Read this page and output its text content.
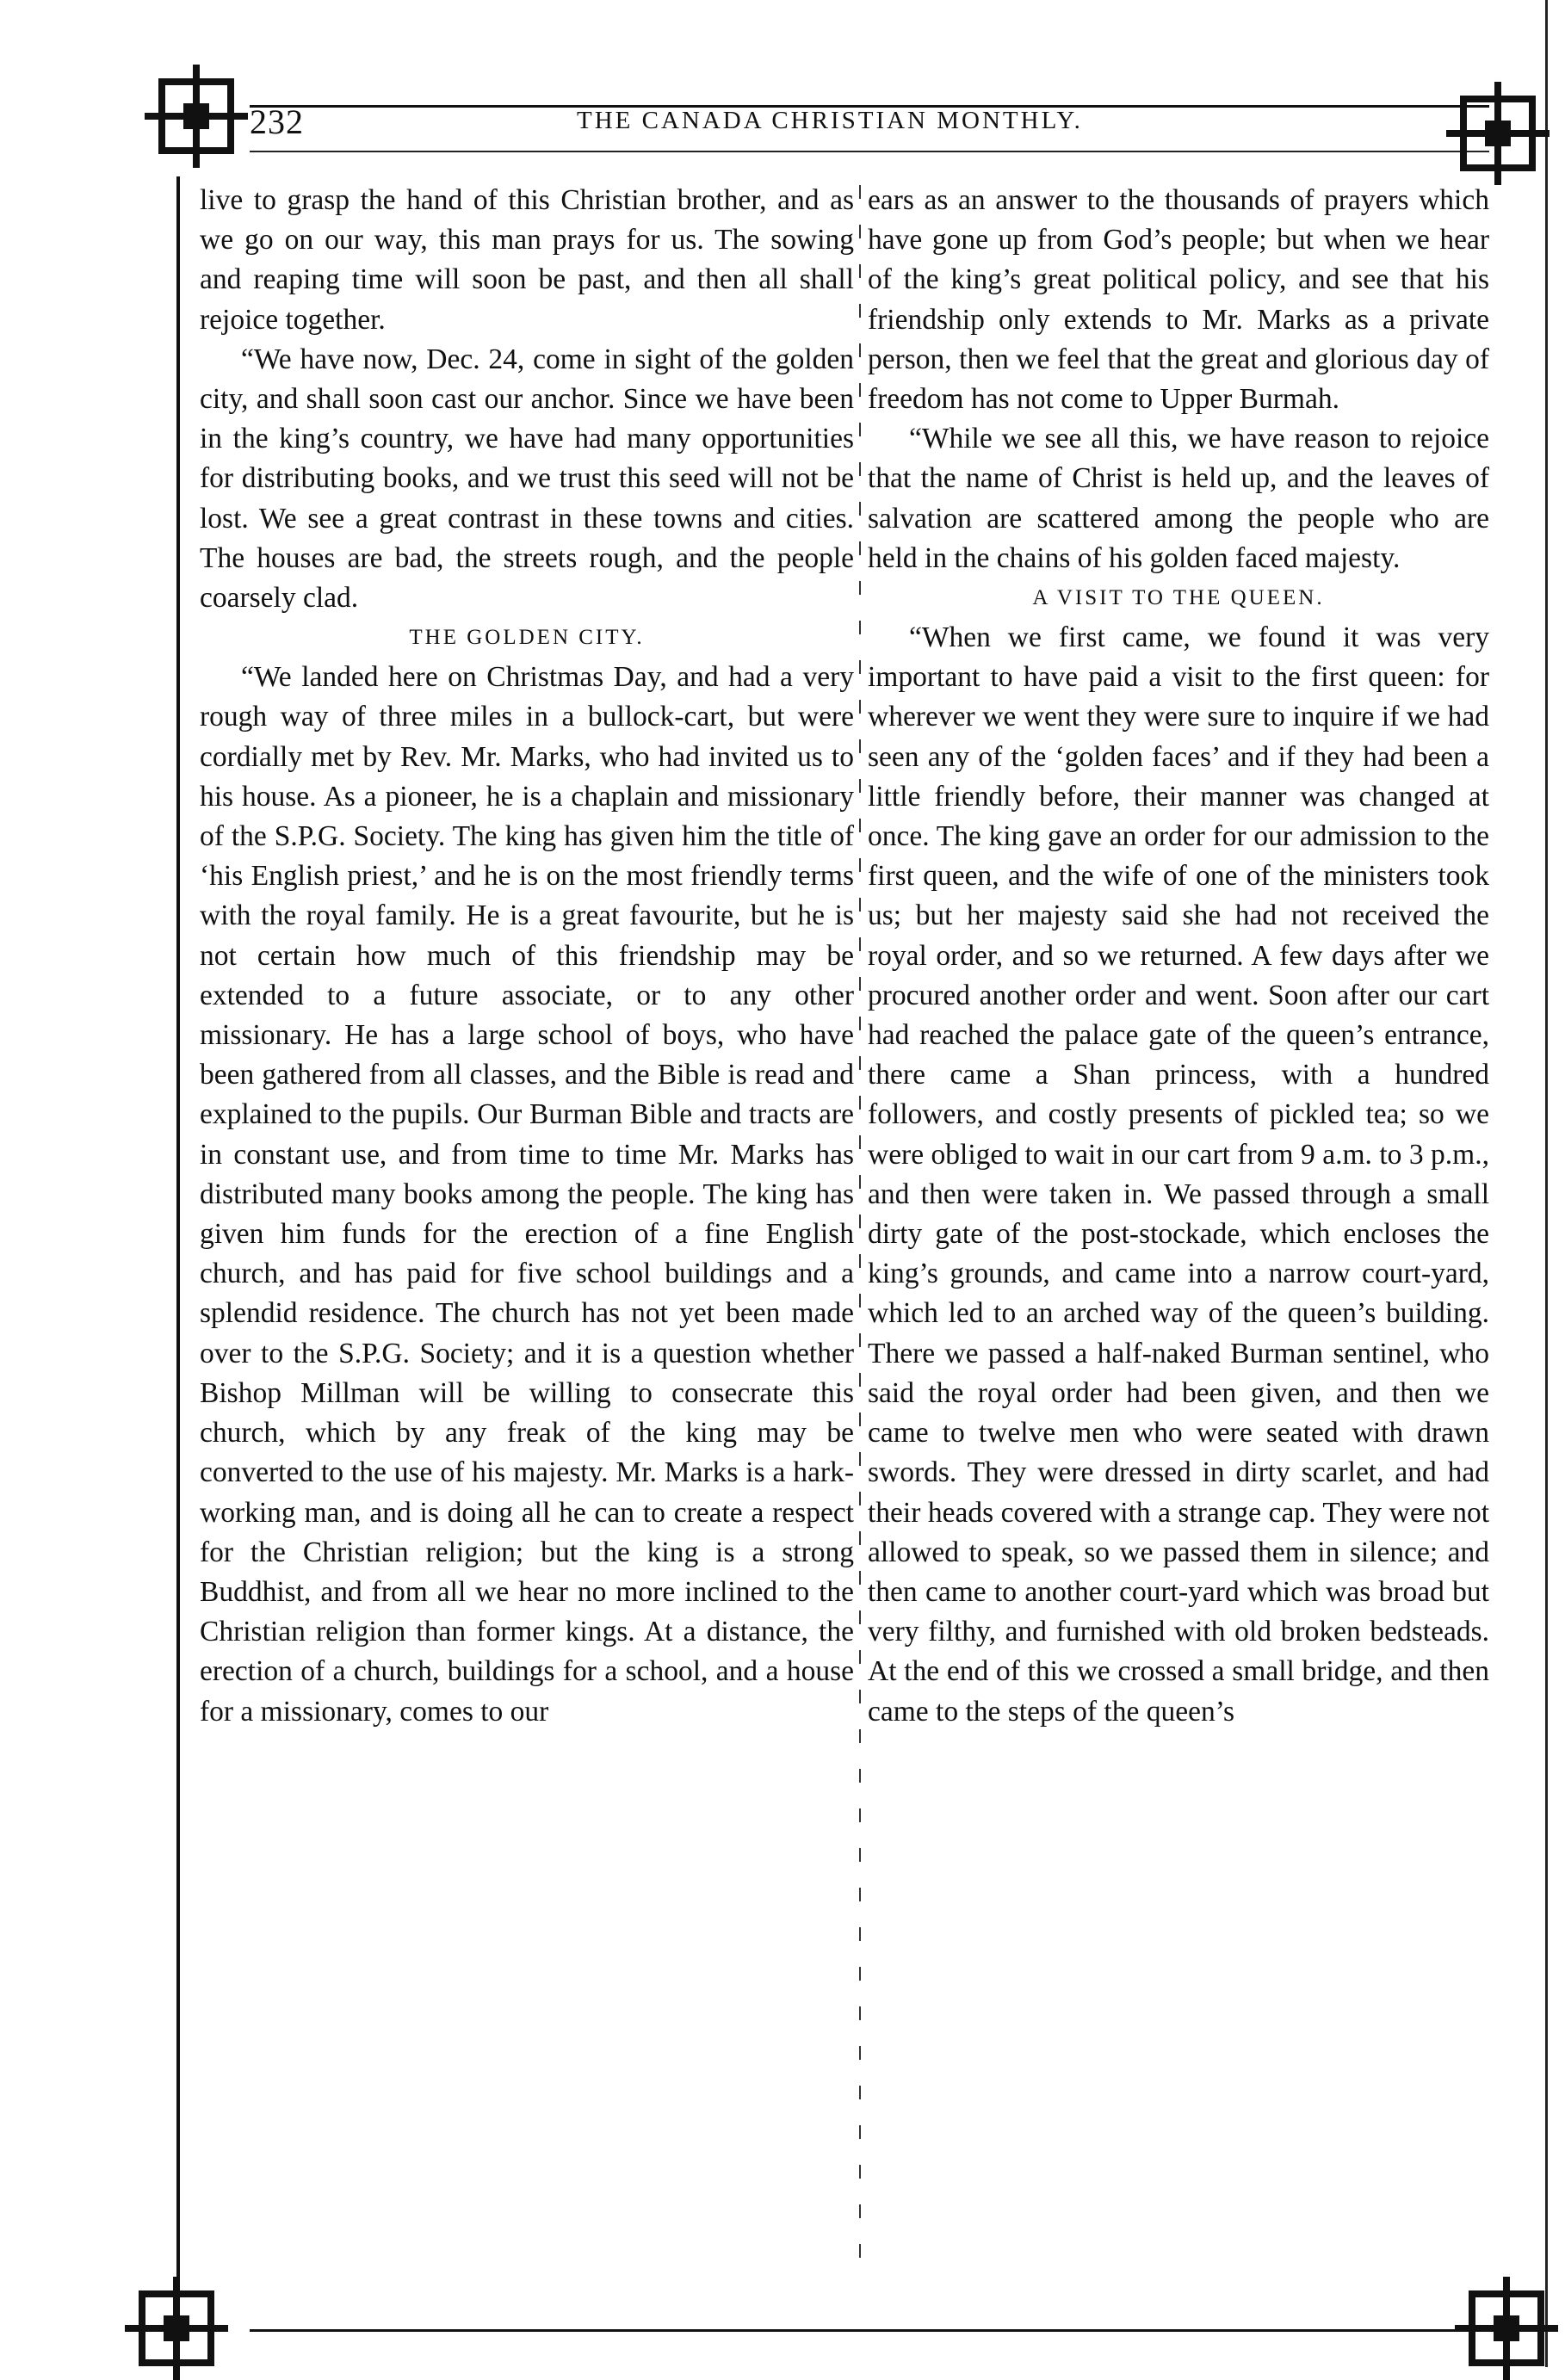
232	THE CANADA CHRISTIAN MONTHLY.

live to grasp the hand of this Christian brother, and as we go on our way, this man prays for us. The sowing and reaping time will soon be past, and then all shall rejoice together.

“We have now, Dec. 24, come in sight of the golden city, and shall soon cast our anchor. Since we have been in the king’s country, we have had many opportunities for distributing books, and we trust this seed will not be lost. We see a great contrast in these towns and cities. The houses are bad, the streets rough, and the people coarsely clad.

THE GOLDEN CITY.

“We landed here on Christmas Day, and had a very rough way of three miles in a bullock-cart, but were cordially met by Rev. Mr. Marks, who had invited us to his house. As a pioneer, he is a chaplain and missionary of the S.P.G. Society. The king has given him the title of ‘his English priest,’ and he is on the most friendly terms with the royal family. He is a great favourite, but he is not certain how much of this friendship may be extended to a future associate, or to any other missionary. He has a large school of boys, who have been gathered from all classes, and the Bible is read and explained to the pupils. Our Burman Bible and tracts are in constant use, and from time to time Mr. Marks has distributed many books among the people. The king has given him funds for the erection of a fine English church, and has paid for five school buildings and a splendid residence. The church has not yet been made over to the S.P.G. Society; and it is a question whether Bishop Millman will be willing to consecrate this church, which by any freak of the king may be converted to the use of his majesty. Mr. Marks is a hark-working man, and is doing all he can to create a respect for the Christian religion; but the king is a strong Buddhist, and from all we hear no more inclined to the Christian religion than former kings. At a distance, the erection of a church, buildings for a school, and a house for a missionary, comes to our

ears as an answer to the thousands of prayers which have gone up from God’s people; but when we hear of the king’s great political policy, and see that his friendship only extends to Mr. Marks as a private person, then we feel that the great and glorious day of freedom has not come to Upper Burmah.

“While we see all this, we have reason to rejoice that the name of Christ is held up, and the leaves of salvation are scattered among the people who are held in the chains of his golden faced majesty.

A VISIT TO THE QUEEN.

“When we first came, we found it was very important to have paid a visit to the first queen: for wherever we went they were sure to inquire if we had seen any of the ‘golden faces’ and if they had been a little friendly before, their manner was changed at once. The king gave an order for our admission to the first queen, and the wife of one of the ministers took us; but her majesty said she had not received the royal order, and so we returned. A few days after we procured another order and went. Soon after our cart had reached the palace gate of the queen’s entrance, there came a Shan princess, with a hundred followers, and costly presents of pickled tea; so we were obliged to wait in our cart from 9 a.m. to 3 p.m., and then were taken in. We passed through a small dirty gate of the post-stockade, which encloses the king’s grounds, and came into a narrow court-yard, which led to an arched way of the queen’s building. There we passed a half-naked Burman sentinel, who said the royal order had been given, and then we came to twelve men who were seated with drawn swords. They were dressed in dirty scarlet, and had their heads covered with a strange cap. They were not allowed to speak, so we passed them in silence; and then came to another court-yard which was broad but very filthy, and furnished with old broken bedsteads. At the end of this we crossed a small bridge, and then came to the steps of the queen’s
